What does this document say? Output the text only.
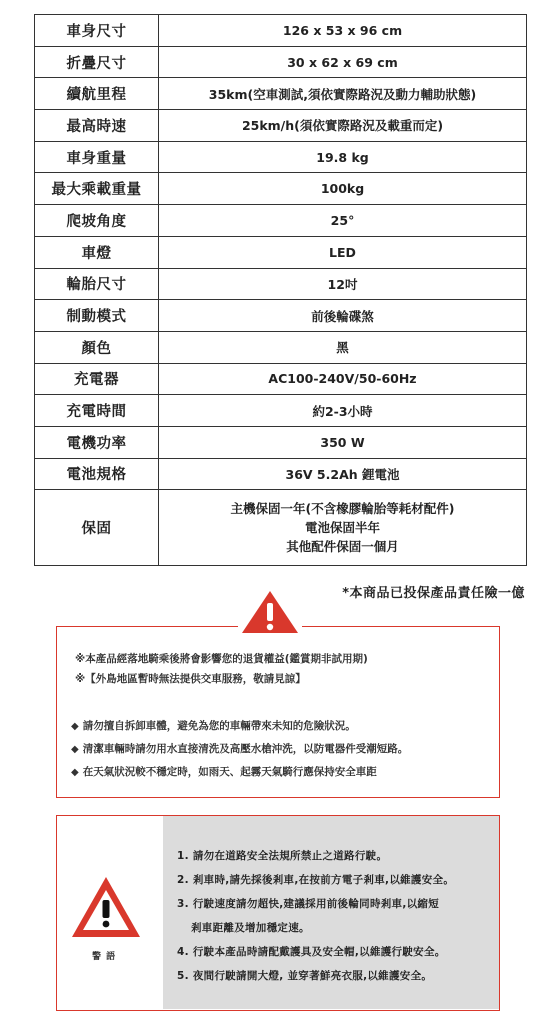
車身尺寸	126 x 53 x 96 cm
折疊尺寸	30 x 62 x 69 cm
續航里程	35km(空車測試,須依實際路況及動力輔助狀態)
最高時速	25km/h(須依實際路況及載重而定)
車身重量	19.8 kg
最大乘載重量	100kg
爬坡角度	25°
車燈	LED
輪胎尺寸	12吋
制動模式	前後輪碟煞
顏色	黑
充電器	AC100-240V/50-60Hz
充電時間	約2-3小時
電機功率	350 W
電池規格	36V 5.2Ah 鋰電池
保固	主機保固一年(不含橡膠輪胎等耗材配件)
電池保固半年
其他配件保固一個月
*本商品已投保產品責任險一億
※本產品經落地騎乘後將會影響您的退貨權益(鑑賞期非試用期)
※【外島地區暫時無法提供交車服務，敬請見諒】
◆ 請勿擅自拆卸車體，避免為您的車輛帶來未知的危險狀況。
◆ 清潔車輛時請勿用水直接清洗及高壓水槍沖洗，以防電器件受潮短路。
◆ 在天氣狀況較不穩定時，如雨天、起霧天氣騎行應保持安全車距
警 語
1. 請勿在道路安全法規所禁止之道路行駛。
2. 剎車時,請先採後剎車,在按前方電子剎車,以維護安全。
3. 行駛速度請勿超快,建議採用前後輪同時剎車,以縮短
剎車距離及增加穩定速。
4. 行駛本產品時請配戴護具及安全帽,以維護行駛安全。
5. 夜間行駛請開大燈, 並穿著鮮亮衣服,以維護安全。
